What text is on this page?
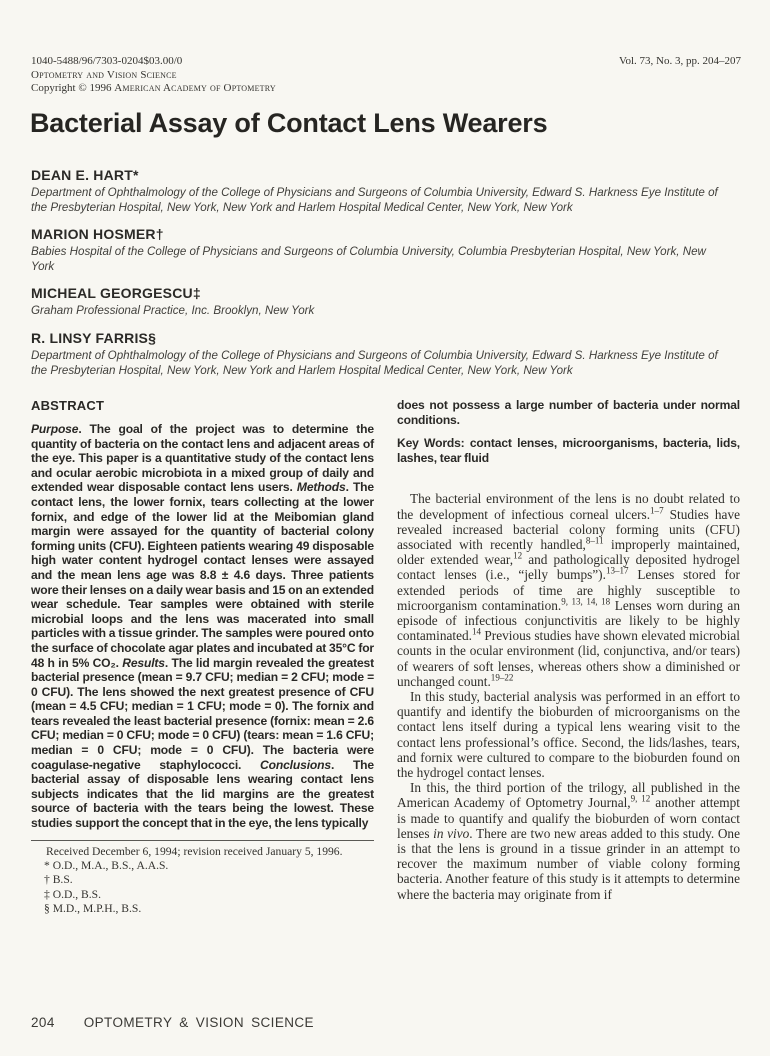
1040-5488/96/7303-0204$03.00/0
Optometry and Vision Science
Copyright © 1996 American Academy of Optometry
Vol. 73, No. 3, pp. 204–207
Bacterial Assay of Contact Lens Wearers

DEAN E. HART*

Department of Ophthalmology of the College of Physicians and Surgeons of Columbia University, Edward S. Harkness Eye Institute of the Presbyterian Hospital, New York, New York and Harlem Hospital Medical Center, New York, New York

MARION HOSMER†

Babies Hospital of the College of Physicians and Surgeons of Columbia University, Columbia Presbyterian Hospital, New York, New York

MICHEAL GEORGESCU‡

Graham Professional Practice, Inc. Brooklyn, New York

R. LINSY FARRIS§

Department of Ophthalmology of the College of Physicians and Surgeons of Columbia University, Edward S. Harkness Eye Institute of the Presbyterian Hospital, New York, New York and Harlem Hospital Medical Center, New York, New York

ABSTRACT

Purpose. The goal of the project was to determine the quantity of bacteria on the contact lens and adjacent areas of the eye. This paper is a quantitative study of the contact lens and ocular aerobic microbiota in a mixed group of daily and extended wear disposable contact lens users. Methods. The contact lens, the lower fornix, tears collecting at the lower fornix, and edge of the lower lid at the Meibomian gland margin were assayed for the quantity of bacterial colony forming units (CFU). Eighteen patients wearing 49 disposable high water content hydrogel contact lenses were assayed and the mean lens age was 8.8 ± 4.6 days. Three patients wore their lenses on a daily wear basis and 15 on an extended wear schedule. Tear samples were obtained with sterile microbial loops and the lens was macerated into small particles with a tissue grinder. The samples were poured onto the surface of chocolate agar plates and incubated at 35°C for 48 h in 5% CO₂. Results. The lid margin revealed the greatest bacterial presence (mean = 9.7 CFU; median = 2 CFU; mode = 0 CFU). The lens showed the next greatest presence of CFU (mean = 4.5 CFU; median = 1 CFU; mode = 0). The fornix and tears revealed the least bacterial presence (fornix: mean = 2.6 CFU; median = 0 CFU; mode = 0 CFU) (tears: mean = 1.6 CFU; median = 0 CFU; mode = 0 CFU). The bacteria were coagulase-negative staphylococci. Conclusions. The bacterial assay of disposable lens wearing contact lens subjects indicates that the lid margins are the greatest source of bacteria with the tears being the lowest. These studies support the concept that in the eye, the lens typically

Received December 6, 1994; revision received January 5, 1996.

* O.D., M.A., B.S., A.A.S.

† B.S.

‡ O.D., B.S.

§ M.D., M.P.H., B.S.

does not possess a large number of bacteria under normal conditions.

Key Words: contact lenses, microorganisms, bacteria, lids, lashes, tear fluid

The bacterial environment of the lens is no doubt related to the development of infectious corneal ulcers.$^{1-7}$ Studies have revealed increased bacterial colony forming units (CFU) associated with recently handled,$^{8-11}$ improperly maintained, older extended wear,$^{12}$ and pathologically deposited hydrogel contact lenses (i.e., “jelly bumps”).$^{13-17}$ Lenses stored for extended periods of time are highly susceptible to microorganism contamination.$^{9, 13, 14, 18}$ Lenses worn during an episode of infectious conjunctivitis are likely to be highly contaminated.$^{14}$ Previous studies have shown elevated microbial counts in the ocular environment (lid, conjunctiva, and/or tears) of wearers of soft lenses, whereas others show a diminished or unchanged count.$^{19-22}$

In this study, bacterial analysis was performed in an effort to quantify and identify the bioburden of microorganisms on the contact lens itself during a typical lens wearing visit to the contact lens professional’s office. Second, the lids/lashes, tears, and fornix were cultured to compare to the bioburden found on the hydrogel contact lenses.

In this, the third portion of the trilogy, all published in the American Academy of Optometry Journal,$^{9, 12}$ another attempt is made to quantify and qualify the bioburden of worn contact lenses in vivo. There are two new areas added to this study. One is that the lens is ground in a tissue grinder in an attempt to recover the maximum number of viable colony forming bacteria. Another feature of this study is it attempts to determine where the bacteria may originate from if

204 OPTOMETRY & VISION SCIENCE
